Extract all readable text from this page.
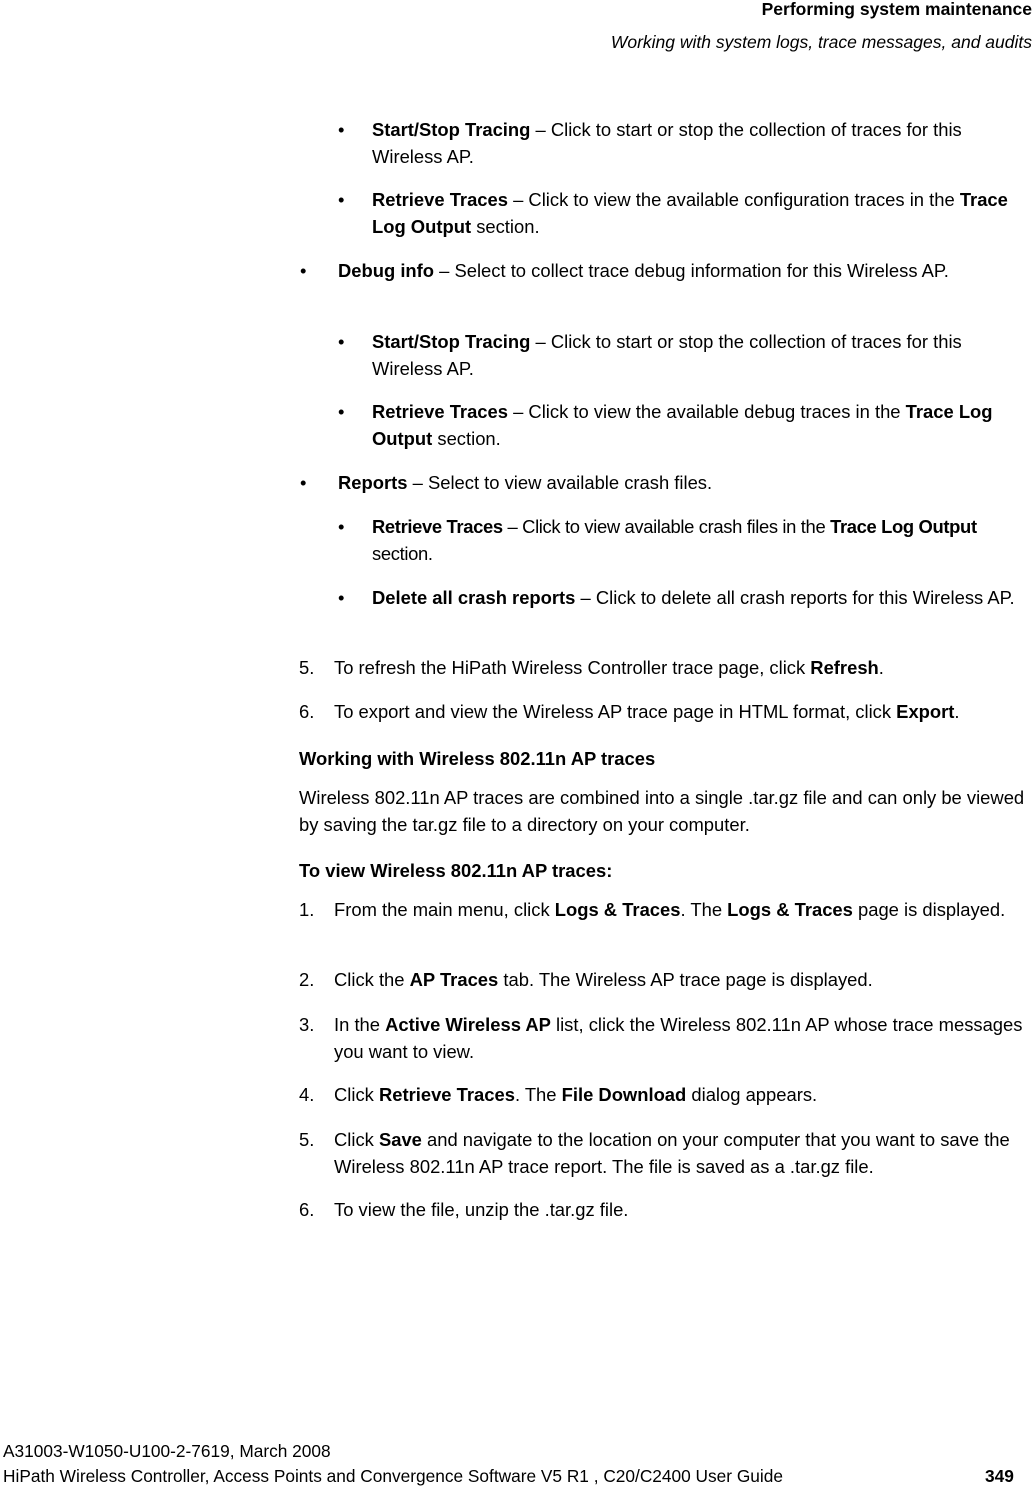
Performing system maintenance
Working with system logs, trace messages, and audits
•	Start/Stop Tracing – Click to start or stop the collection of traces for this Wireless AP.
•	Retrieve Traces – Click to view the available configuration traces in the Trace Log Output section.
•	Debug info – Select to collect trace debug information for this Wireless AP.
•	Start/Stop Tracing – Click to start or stop the collection of traces for this Wireless AP.
•	Retrieve Traces – Click to view the available debug traces in the Trace Log Output section.
•	Reports – Select to view available crash files.
•	Retrieve Traces – Click to view available crash files in the Trace Log Output section.
•	Delete all crash reports – Click to delete all crash reports for this Wireless AP.
5. To refresh the HiPath Wireless Controller trace page, click Refresh.
6. To export and view the Wireless AP trace page in HTML format, click Export.
Working with Wireless 802.11n AP traces
Wireless 802.11n AP traces are combined into a single .tar.gz file and can only be viewed by saving the tar.gz file to a directory on your computer.
To view Wireless 802.11n AP traces:
1. From the main menu, click Logs & Traces. The Logs & Traces page is displayed.
2. Click the AP Traces tab. The Wireless AP trace page is displayed.
3. In the Active Wireless AP list, click the Wireless 802.11n AP whose trace messages you want to view.
4. Click Retrieve Traces. The File Download dialog appears.
5. Click Save and navigate to the location on your computer that you want to save the Wireless 802.11n AP trace report. The file is saved as a .tar.gz file.
6. To view the file, unzip the .tar.gz file.
A31003-W1050-U100-2-7619, March 2008
HiPath Wireless Controller, Access Points and Convergence Software V5 R1 , C20/C2400 User Guide	349
